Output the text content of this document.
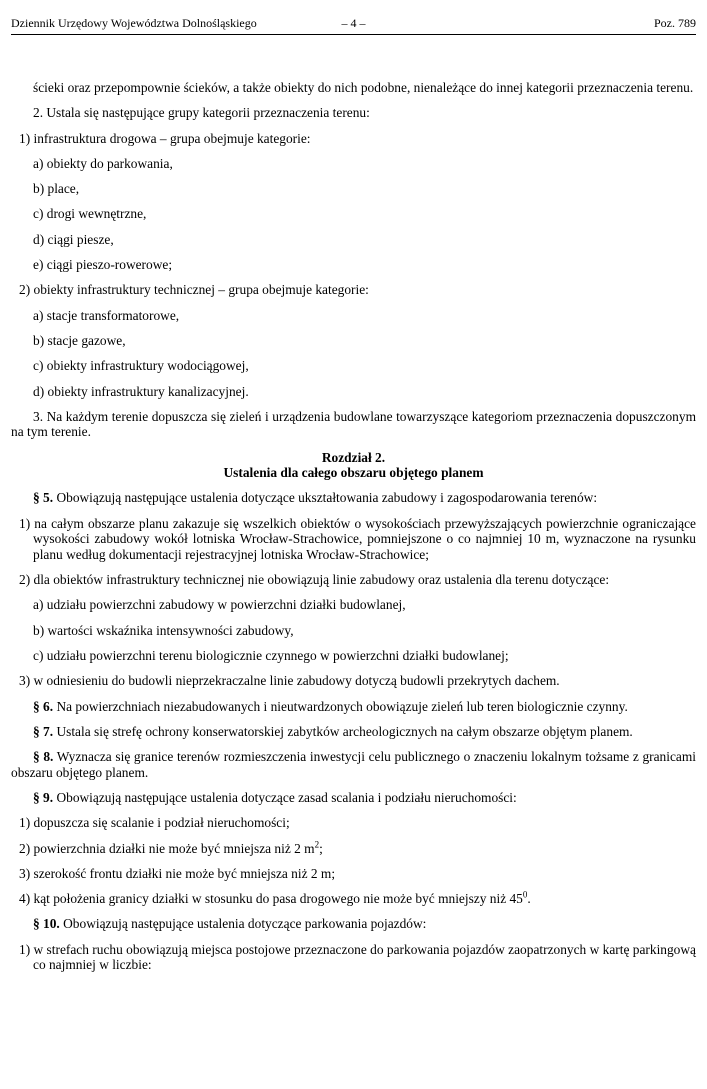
– 4 –
Dziennik Urzędowy Województwa Dolnośląskiego	Poz. 789

ścieki oraz przepompownie ścieków, a także obiekty do nich podobne, nienależące do innej kategorii przeznaczenia terenu.

2. Ustala się następujące grupy kategorii przeznaczenia terenu:

1) infrastruktura drogowa – grupa obejmuje kategorie:

a) obiekty do parkowania,

b) place,

c) drogi wewnętrzne,

d) ciągi piesze,

e) ciągi pieszo-rowerowe;

2) obiekty infrastruktury technicznej – grupa obejmuje kategorie:

a) stacje transformatorowe,

b) stacje gazowe,

c) obiekty infrastruktury wodociągowej,

d) obiekty infrastruktury kanalizacyjnej.

3. Na każdym terenie dopuszcza się zieleń i urządzenia budowlane towarzyszące kategoriom przeznaczenia dopuszczonym na tym terenie.

Rozdział 2.
Ustalenia dla całego obszaru objętego planem

§ 5. Obowiązują następujące ustalenia dotyczące ukształtowania zabudowy i zagospodarowania terenów:

1) na całym obszarze planu zakazuje się wszelkich obiektów o wysokościach przewyższających powierzchnie ograniczające wysokości zabudowy wokół lotniska Wrocław-Strachowice, pomniejszone o co najmniej 10 m, wyznaczone na rysunku planu według dokumentacji rejestracyjnej lotniska Wrocław-Strachowice;

2) dla obiektów infrastruktury technicznej nie obowiązują linie zabudowy oraz ustalenia dla terenu dotyczące:

a) udziału powierzchni zabudowy w powierzchni działki budowlanej,

b) wartości wskaźnika intensywności zabudowy,

c) udziału powierzchni terenu biologicznie czynnego w powierzchni działki budowlanej;

3) w odniesieniu do budowli nieprzekraczalne linie zabudowy dotyczą budowli przekrytych dachem.

§ 6. Na powierzchniach niezabudowanych i nieutwardzonych obowiązuje zieleń lub teren biologicznie czynny.

§ 7. Ustala się strefę ochrony konserwatorskiej zabytków archeologicznych na całym obszarze objętym planem.

§ 8. Wyznacza się granice terenów rozmieszczenia inwestycji celu publicznego o znaczeniu lokalnym tożsame z granicami obszaru objętego planem.

§ 9. Obowiązują następujące ustalenia dotyczące zasad scalania i podziału nieruchomości:

1) dopuszcza się scalanie i podział nieruchomości;

2) powierzchnia działki nie może być mniejsza niż 2 $m^2$;

3) szerokość frontu działki nie może być mniejsza niż 2 m;

4) kąt położenia granicy działki w stosunku do pasa drogowego nie może być mniejszy niż $45^0$.

§ 10. Obowiązują następujące ustalenia dotyczące parkowania pojazdów:

1) w strefach ruchu obowiązują miejsca postojowe przeznaczone do parkowania pojazdów zaopatrzonych w kartę parkingową co najmniej w liczbie:
